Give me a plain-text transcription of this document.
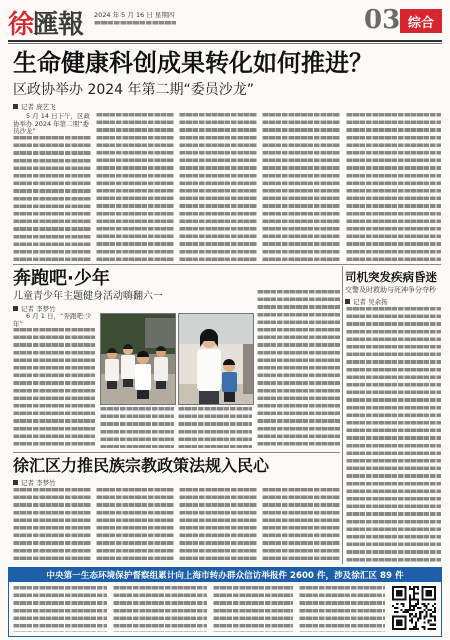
徐匯報 2024 年 5 月 16 日 星期四	03 综合
生命健康科创成果转化如何推进？
区政协举办 2024 年第二期“委员沙龙”
记者 庞艺飞

5 月 14 日下午，区政协举办 2024 年第二期“委员沙龙”

奔跑吧·少年
儿童青少年主题健身活动嗨翻六一
记者 李梦竹

6 月 1 日，“奔跑吧·少年”

徐汇区力推民族宗教政策法规入民心
记者 李梦竹
司机突发疾病昏迷
交警及时救助与死神争分夺秒
记者 吴余扬
中央第一生态环境保护督察组累计向上海市转办群众信访举报件 2600 件，涉及徐汇区 89 件
